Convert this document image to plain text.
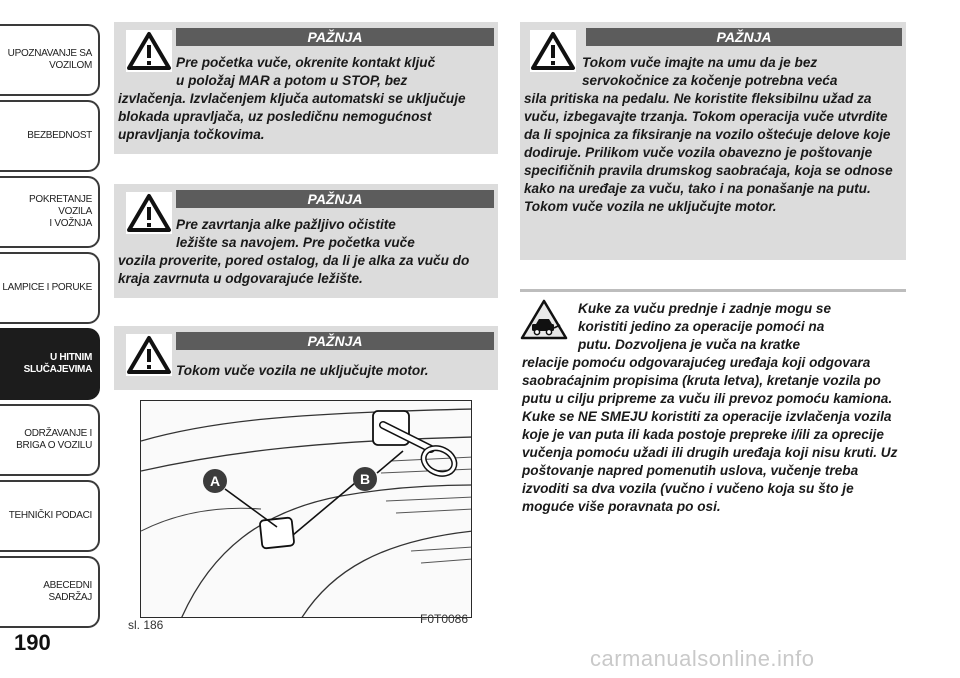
UPOZNAVANJE SA
VOZILOM
BEZBEDNOST
POKRETANJE VOZILA
I VOŽNJA
LAMPICE I PORUKE
U HITNIM
SLUČAJEVIMA
ODRŽAVANJE I
BRIGA O VOZILU
TEHNIČKI PODACI
ABECEDNI SADRŽAJ
190
PAŽNJA
Pre početka vuče, okrenite kontakt ključ
u položaj MAR a potom u STOP, bez
izvlačenja. Izvlačenjem ključa automatski se uključuje blokada upravljača, uz posledičnu nemogućnost upravljanja točkovima.
PAŽNJA
Pre zavrtanja alke pažljivo očistite
ležište sa navojem. Pre početka vuče
vozila proverite, pored ostalog, da li je alka za vuču do kraja zavrnuta u odgovarajuće ležište.
PAŽNJA
Tokom vuče vozila ne uključujte motor.
PAŽNJA
Tokom vuče imajte na umu da je bez
servokočnice za kočenje potrebna veća
sila pritiska na pedalu. Ne koristite fleksibilnu užad za vuču, izbegavajte trzanja. Tokom operacija vuče utvrdite da li spojnica za fiksiranje na vozilo oštećuje delove koje dodiruje. Prilikom vuče vozila obavezno je poštovanje specifičnih pravila drumskog saobraćaja, koja se odnose kako na uređaje za vuču, tako i na ponašanje na putu. Tokom vuče vozila ne uključujte motor.
Kuke za vuču prednje i zadnje mogu se
koristiti jedino za operacije pomoći na
putu. Dozvoljena je vuča na kratke
relacije pomoću odgovarajućeg uređaja koji odgovara saobraćajnim propisima (kruta letva), kretanje vozila po putu u cilju pripreme za vuču ili prevoz pomoću kamiona. Kuke se NE SMEJU koristiti za operacije izvlačenja vozila koje je van puta ili kada postoje prepreke i/ili za oprecije vučenja pomoću užadi ili drugih uređaja koji nisu kruti. Uz poštovanje napred pomenutih uslova, vučenje treba izvoditi sa dva vozila (vučno i vučeno koja su što je moguće više poravnata po osi.
A	B
sl. 186	F0T0086
carmanualsonline.info
